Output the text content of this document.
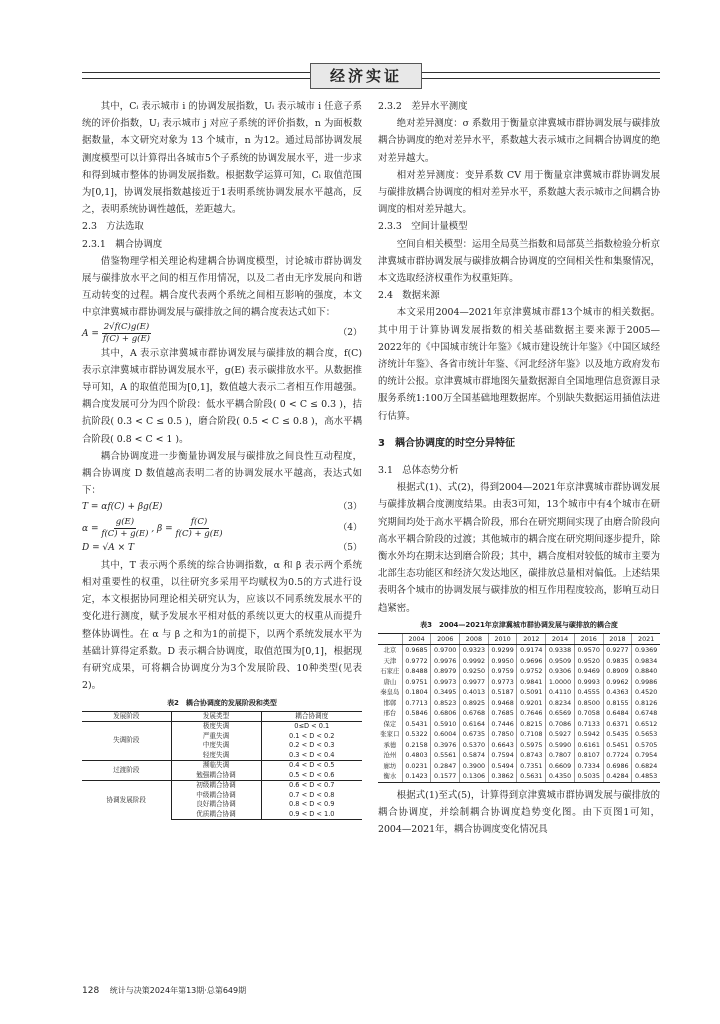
经济实证

其中，Cᵢ 表示城市 i 的协调发展指数，Uᵢ 表示城市 i 任意子系统的评价指数，Uⱼ 表示城市 j 对应子系统的评价指数，n 为面板数据数量，本文研究对象为 13 个城市，n 为12。通过局部协调发展测度模型可以计算得出各城市5个子系统的协调发展水平，进一步求和得到城市整体的协调发展指数。根据数学运算可知，Cᵢ 取值范围为[0,1]，协调发展指数越接近于1表明系统协调发展水平越高，反之，表明系统协调性越低，差距越大。

2.3　方法选取
2.3.1　耦合协调度

借鉴物理学相关理论构建耦合协调度模型，讨论城市群协调发展与碳排放水平之间的相互作用情况，以及二者由无序发展向和谐互动转变的过程。耦合度代表两个系统之间相互影响的强度，本文中京津冀城市群协调发展与碳排放之间的耦合度表达式如下：

$A = \frac{2√f(C)g(E)}{f(C) + g(E)}$	（2）

其中，A 表示京津冀城市群协调发展与碳排放的耦合度，f(C) 表示京津冀城市群协调发展水平，g(E) 表示碳排放水平。从数据推导可知，A 的取值范围为[0,1]，数值越大表示二者相互作用越强。耦合度发展可分为四个阶段：低水平耦合阶段( 0 < C ≤ 0.3 )，拮抗阶段( 0.3 < C ≤ 0.5 )，磨合阶段( 0.5 < C ≤ 0.8 )，高水平耦合阶段( 0.8 < C < 1 )。

耦合协调度进一步衡量协调发展与碳排放之间良性互动程度，耦合协调度 D 数值越高表明二者的协调发展水平越高，表达式如下：

T = αf(C) + βg(E)	（3）
$\alpha = \frac{g(E)}{f(C) + g(E)}$ , $\beta = \frac{f(C)}{f(C) + g(E)}$	（4）
D = √A × T	（5）

其中，T 表示两个系统的综合协调指数，α 和 β 表示两个系统相对重要性的权重，以往研究多采用平均赋权为0.5的方式进行设定，本文根据协同理论相关研究认为，应该以不同系统发展水平的变化进行测度，赋予发展水平相对低的系统以更大的权重从而提升整体协调性。在 α 与 β 之和为1的前提下，以两个系统发展水平为基础计算得定系数。D 表示耦合协调度，取值范围为[0,1]，根据现有研究成果，可将耦合协调度分为3个发展阶段、10种类型(见表2)。

表2　耦合协调度的发展阶段和类型
发展阶段	发展类型	耦合协调度
失调阶段	极度失调	0≤D < 0.1
	严重失调	0.1 < D < 0.2
	中度失调	0.2 < D < 0.3
	轻度失调	0.3 < D < 0.4
过渡阶段	濒临失调	0.4 < D < 0.5
	勉强耦合协调	0.5 < D < 0.6
协调发展阶段	初级耦合协调	0.6 < D < 0.7
	中级耦合协调	0.7 < D < 0.8
	良好耦合协调	0.8 < D < 0.9
	优质耦合协调	0.9 < D < 1.0
2.3.2　差异水平测度

绝对差异测度：σ 系数用于衡量京津冀城市群协调发展与碳排放耦合协调度的绝对差异水平，系数越大表示城市之间耦合协调度的绝对差异越大。

相对差异测度：变异系数 CV 用于衡量京津冀城市群协调发展与碳排放耦合协调度的相对差异水平，系数越大表示城市之间耦合协调度的相对差异越大。

2.3.3　空间计量模型

空间自相关模型：运用全局莫兰指数和局部莫兰指数检验分析京津冀城市群协调发展与碳排放耦合协调度的空间相关性和集聚情况，本文选取经济权重作为权重矩阵。

2.4　数据来源

本文采用2004—2021年京津冀城市群13个城市的相关数据。其中用于计算协调发展指数的相关基础数据主要来源于2005—2022年的《中国城市统计年鉴》《城市建设统计年鉴》《中国区域经济统计年鉴》、各省市统计年鉴、《河北经济年鉴》以及地方政府发布的统计公报。京津冀城市群地图矢量数据源自全国地理信息资源目录服务系统1:100万全国基础地理数据库。个别缺失数据运用插值法进行估算。

3　耦合协调度的时空分异特征
3.1　总体态势分析

根据式(1)、式(2)，得到2004—2021年京津冀城市群协调发展与碳排放耦合度测度结果。由表3可知，13个城市中有4个城市在研究期间均处于高水平耦合阶段，邢台在研究期间实现了由磨合阶段向高水平耦合阶段的过渡；其他城市的耦合度在研究期间逐步提升，除衡水外均在期末达到磨合阶段；其中，耦合度相对较低的城市主要为北部生态功能区和经济欠发达地区，碳排放总量相对偏低。上述结果表明各个城市的协调发展与碳排放的相互作用程度较高，影响互动日趋紧密。

表3　2004—2021年京津冀城市群协调发展与碳排放的耦合度
	2004	2006	2008	2010	2012	2014	2016	2018	2021
北京	0.9685	0.9700	0.9323	0.9299	0.9174	0.9338	0.9570	0.9277	0.9369
天津	0.9772	0.9976	0.9992	0.9950	0.9696	0.9509	0.9520	0.9835	0.9834
石家庄	0.8488	0.8979	0.9250	0.9759	0.9752	0.9306	0.9469	0.8909	0.8840
唐山	0.9751	0.9973	0.9977	0.9773	0.9841	1.0000	0.9993	0.9962	0.9986
秦皇岛	0.1804	0.3495	0.4013	0.5187	0.5091	0.4110	0.4555	0.4363	0.4520
邯郸	0.7713	0.8523	0.8925	0.9468	0.9201	0.8234	0.8500	0.8155	0.8126
邢台	0.5846	0.6806	0.6768	0.7685	0.7646	0.6569	0.7058	0.6484	0.6748
保定	0.5431	0.5910	0.6164	0.7446	0.8215	0.7086	0.7133	0.6371	0.6512
张家口	0.5322	0.6004	0.6735	0.7850	0.7108	0.5927	0.5942	0.5435	0.5653
承德	0.2158	0.3976	0.5370	0.6643	0.5975	0.5990	0.6161	0.5451	0.5705
沧州	0.4803	0.5561	0.5874	0.7594	0.8743	0.7807	0.8107	0.7724	0.7954
廊坊	0.0231	0.2847	0.3900	0.5494	0.7351	0.6609	0.7334	0.6986	0.6824
衡水	0.1423	0.1577	0.1306	0.3862	0.5631	0.4350	0.5035	0.4284	0.4853

根据式(1)至式(5)，计算得到京津冀城市群协调发展与碳排放的耦合协调度，并绘制耦合协调度趋势变化图。由下页图1可知，2004—2021年，耦合协调度变化情况具

128 统计与决策2024年第13期·总第649期
